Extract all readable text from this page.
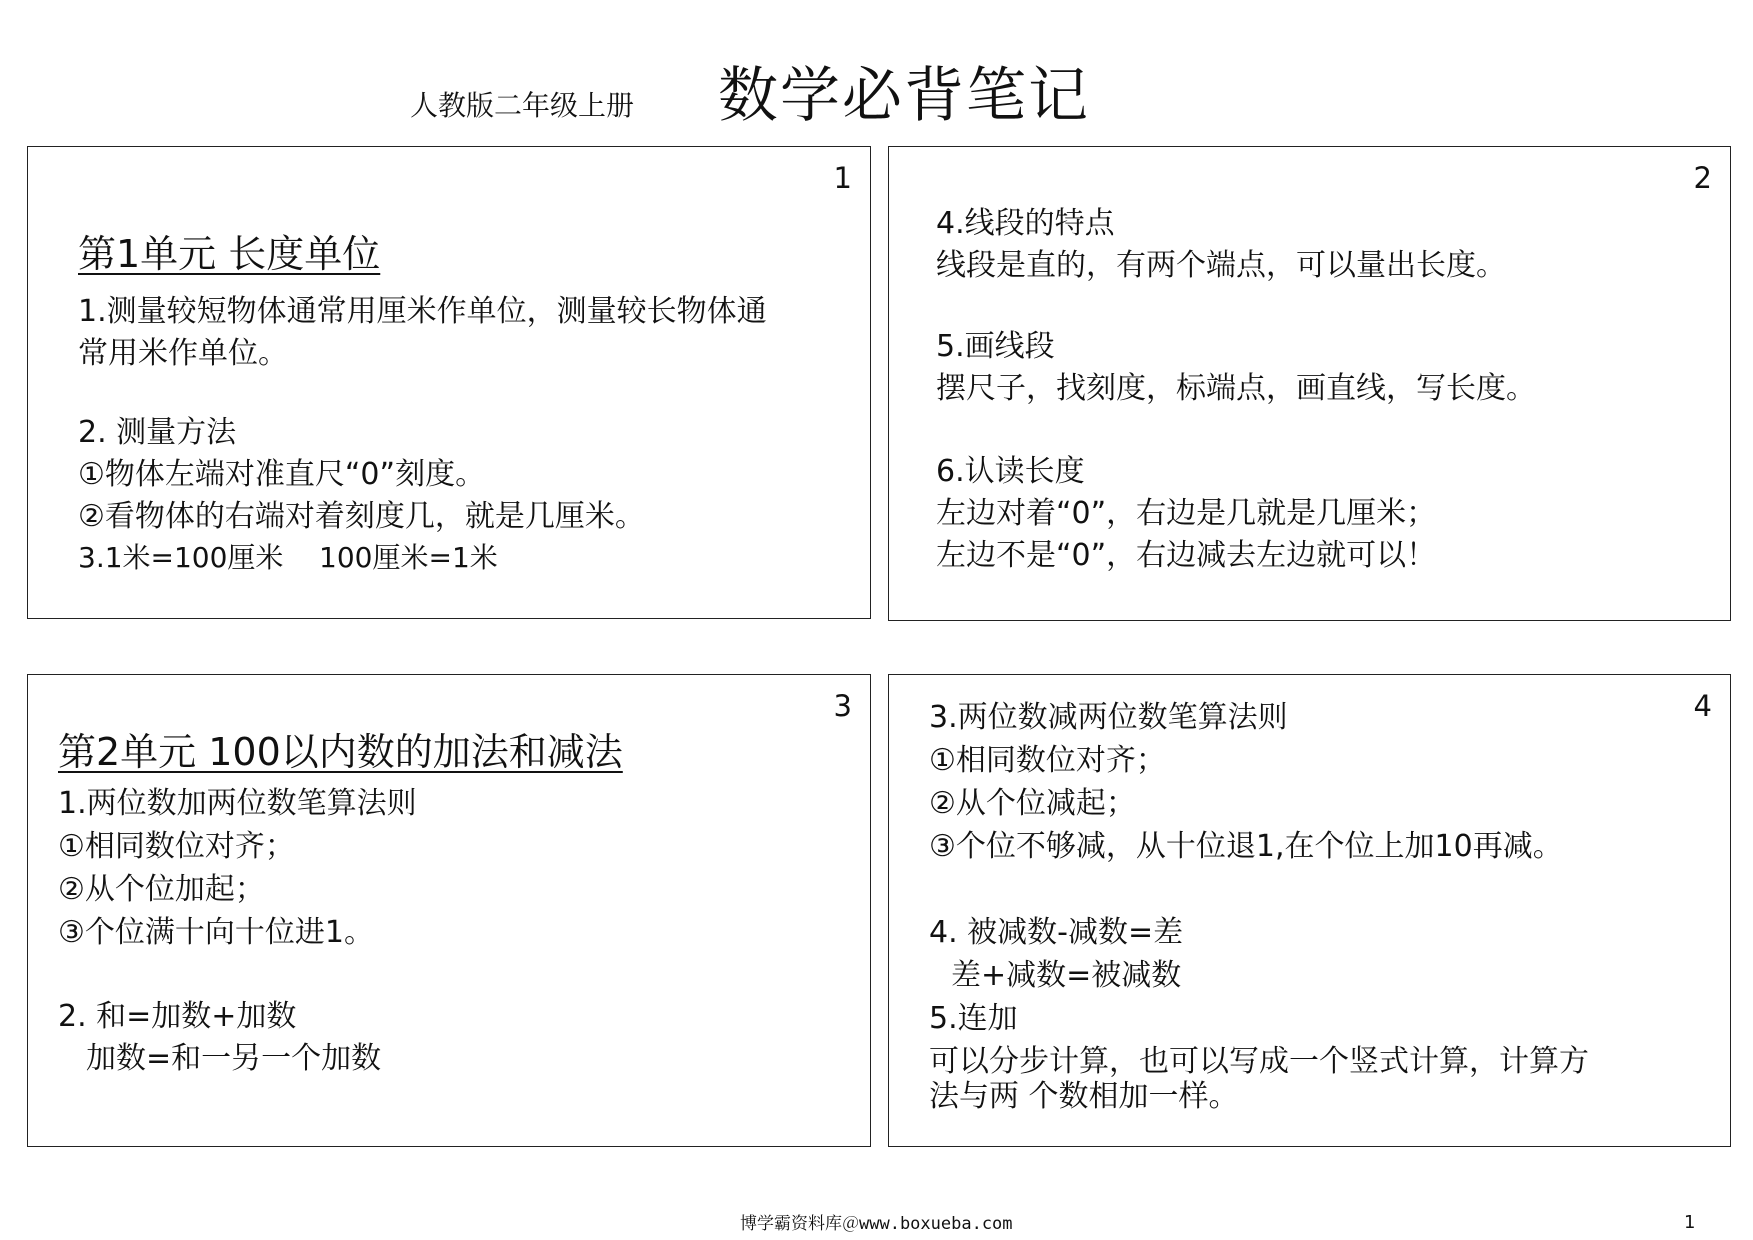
人教版二年级上册 数学必背笔记
1
第1单元 长度单位
1.测量较短物体通常用厘米作单位，测量较长物体通
常用米作单位。
2. 测量方法
①物体左端对准直尺“0”刻度。
②看物体的右端对着刻度几，就是几厘米。
3.1米=100厘米    100厘米=1米
2
4.线段的特点
线段是直的，有两个端点，可以量出长度。
5.画线段
摆尺子，找刻度，标端点，画直线，写长度。
6.认读长度
左边对着“0”，右边是几就是几厘米；
左边不是“0”，右边减去左边就可以！
3
第2单元 100以内数的加法和减法
1.两位数加两位数笔算法则
①相同数位对齐；
②从个位加起；
③个位满十向十位进1。
2. 和=加数+加数
加数=和一另一个加数
4
3.两位数减两位数笔算法则
①相同数位对齐；
②从个位减起；
③个位不够减，从十位退1,在个位上加10再减。
4. 被减数-减数=差
差+减数=被减数
5.连加
可以分步计算，也可以写成一个竖式计算，计算方
法与两 个数相加一样。
博学霸资料库＠www.boxueba.com	1
